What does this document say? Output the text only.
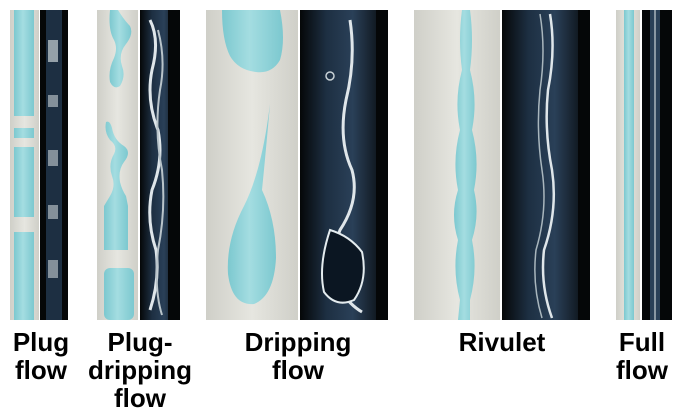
Plug
flow
Plug-
dripping
flow
Dripping
flow
Rivulet	Full
flow
